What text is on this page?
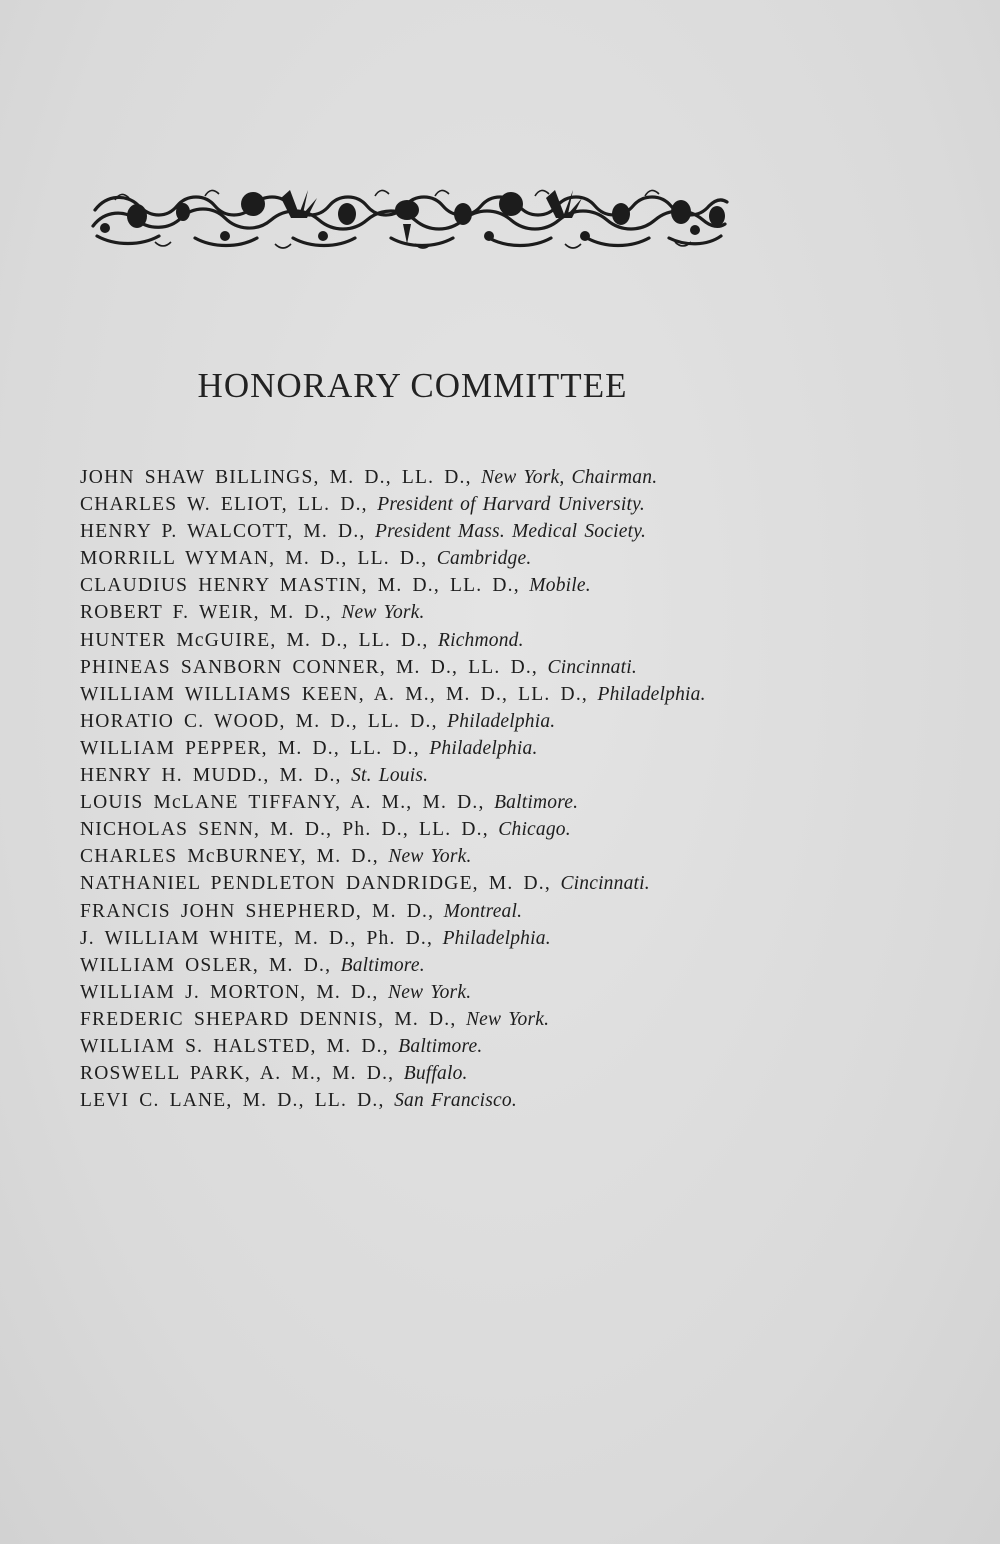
HONORARY COMMITTEE
JOHN SHAW BILLINGS, M. D., LL. D., New York, Chairman.
CHARLES W. ELIOT, LL. D., President of Harvard University.
HENRY P. WALCOTT, M. D., President Mass. Medical Society.
MORRILL WYMAN, M. D., LL. D., Cambridge.
CLAUDIUS HENRY MASTIN, M. D., LL. D., Mobile.
ROBERT F. WEIR, M. D., New York.
HUNTER McGUIRE, M. D., LL. D., Richmond.
PHINEAS SANBORN CONNER, M. D., LL. D., Cincinnati.
WILLIAM WILLIAMS KEEN, A. M., M. D., LL. D., Philadelphia.
HORATIO C. WOOD, M. D., LL. D., Philadelphia.
WILLIAM PEPPER, M. D., LL. D., Philadelphia.
HENRY H. MUDD., M. D., St. Louis.
LOUIS McLANE TIFFANY, A. M., M. D., Baltimore.
NICHOLAS SENN, M. D., Ph. D., LL. D., Chicago.
CHARLES McBURNEY, M. D., New York.
NATHANIEL PENDLETON DANDRIDGE, M. D., Cincinnati.
FRANCIS JOHN SHEPHERD, M. D., Montreal.
J. WILLIAM WHITE, M. D., Ph. D., Philadelphia.
WILLIAM OSLER, M. D., Baltimore.
WILLIAM J. MORTON, M. D., New York.
FREDERIC SHEPARD DENNIS, M. D., New York.
WILLIAM S. HALSTED, M. D., Baltimore.
ROSWELL PARK, A. M., M. D., Buffalo.
LEVI C. LANE, M. D., LL. D., San Francisco.
